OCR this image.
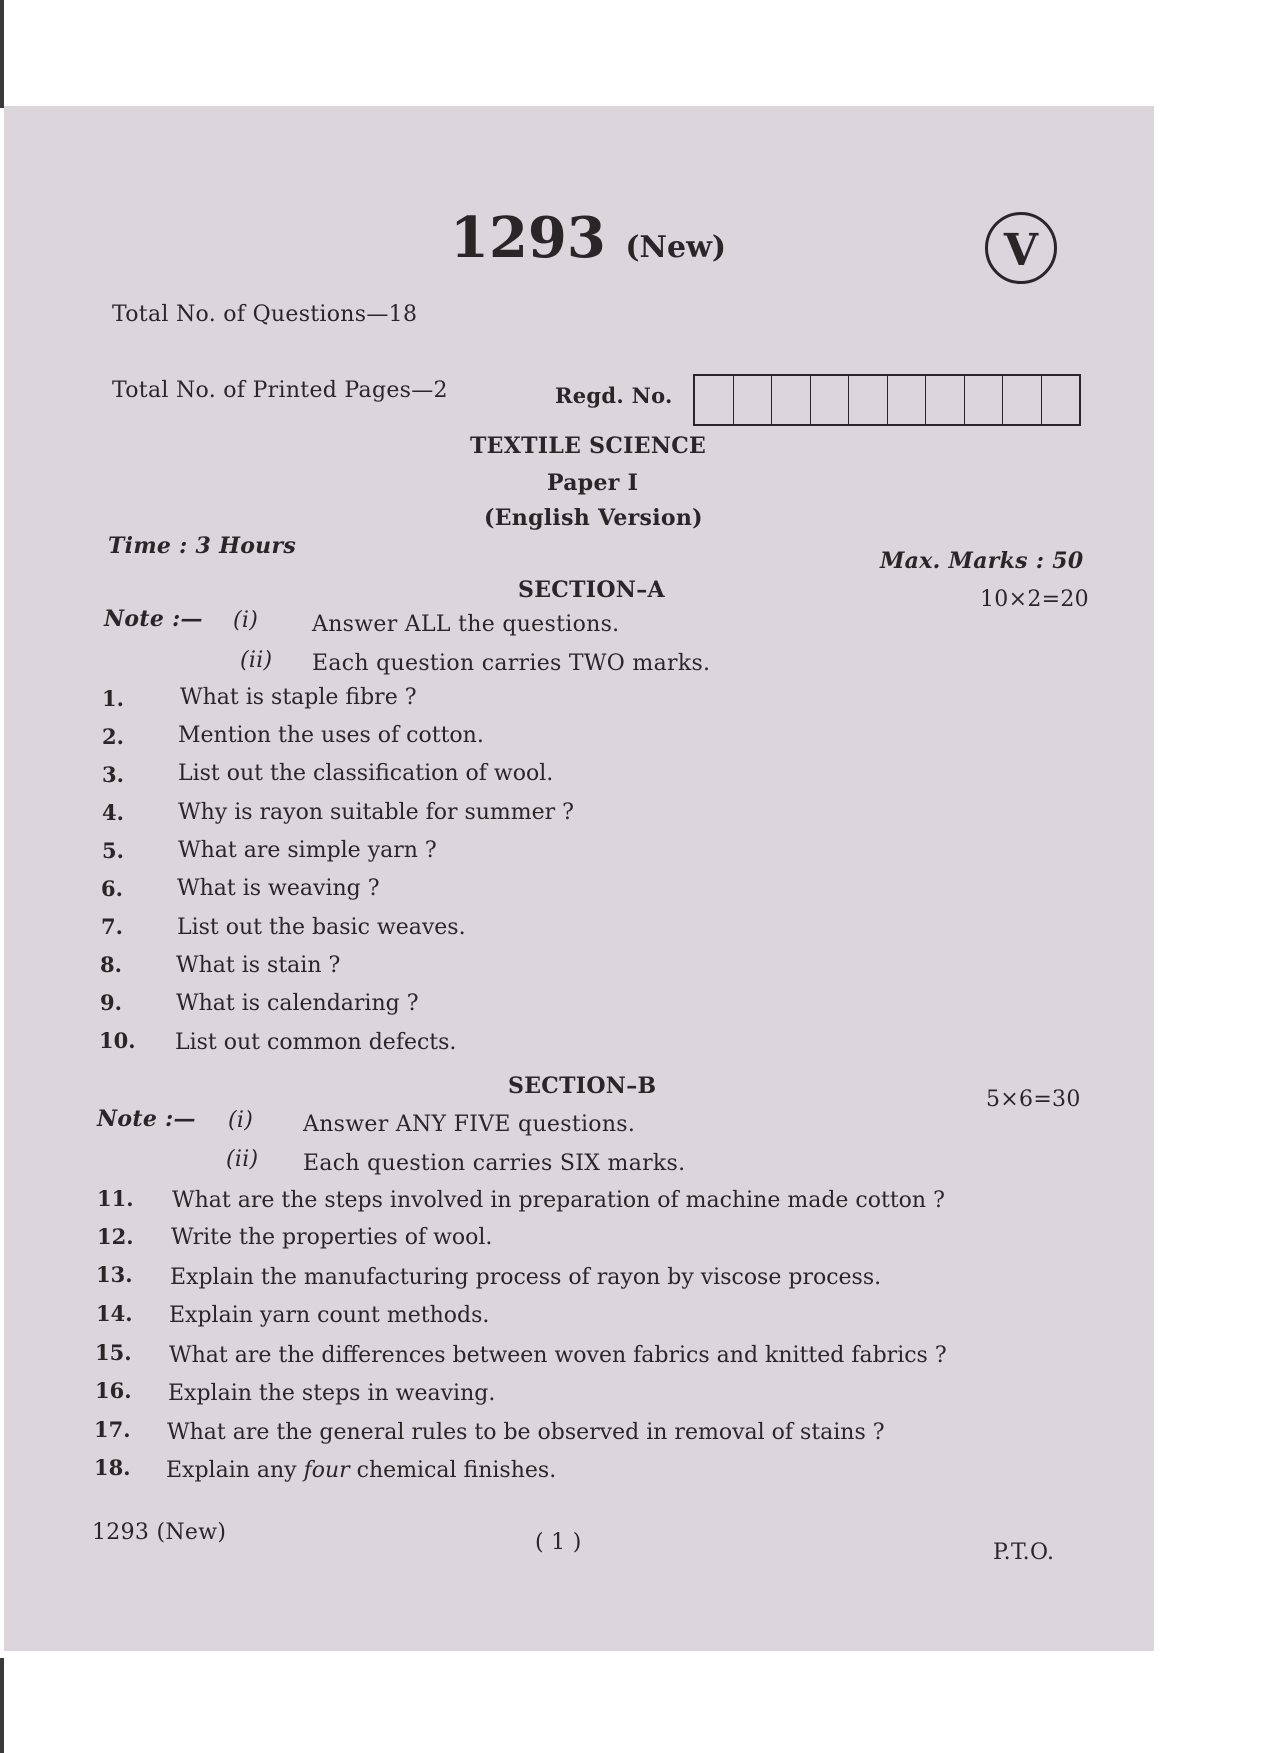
1293 (New)	V
Total No. of Questions—18
Total No. of Printed Pages—2	Regd. No.
TEXTILE SCIENCE
Paper I
(English Version)
Time : 3 Hours
Max. Marks : 50
SECTION–A	10×2=20
Note :— (i) Answer ALL the questions.
(ii) Each question carries TWO marks.
1.	What is staple fibre ?
2. Mention the uses of cotton.
3. List out the classification of wool.
4. Why is rayon suitable for summer ?
5. What are simple yarn ?
6. What is weaving ?
7. List out the basic weaves.
8. What is stain ?
9. What is calendaring ?
10. List out common defects.
SECTION–B
5×6=30
Note :— (i) Answer ANY FIVE questions.
(ii) Each question carries SIX marks.
11. What are the steps involved in preparation of machine made cotton ?
12. Write the properties of wool.
13. Explain the manufacturing process of rayon by viscose process.
14. Explain yarn count methods.
15. What are the differences between woven fabrics and knitted fabrics ?
16. Explain the steps in weaving.
17. What are the general rules to be observed in removal of stains ?
18. Explain any four chemical finishes.
1293 (New)	( 1 )	P.T.O.
